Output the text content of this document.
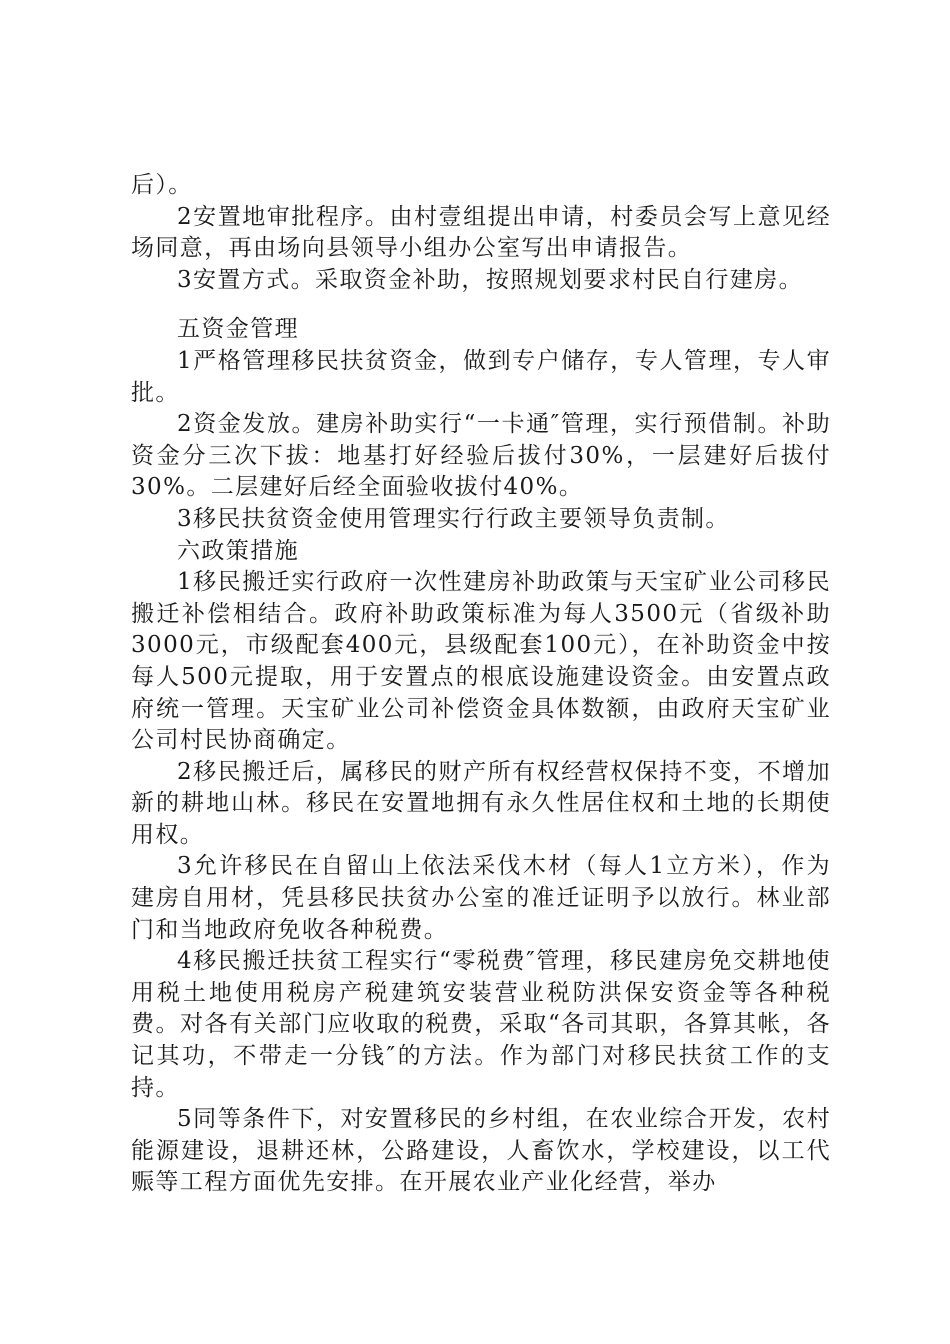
后）。

2安置地审批程序。由村壹组提出申请，村委员会写上意见经场同意，再由场向县领导小组办公室写出申请报告。

3安置方式。采取资金补助，按照规划要求村民自行建房。

五资金管理

1严格管理移民扶贫资金，做到专户储存，专人管理，专人审批。

2资金发放。建房补助实行“一卡通″管理，实行预借制。补助资金分三次下拔：地基打好经验后拔付30%，一层建好后拔付30%。二层建好后经全面验收拔付40%。

3移民扶贫资金使用管理实行行政主要领导负责制。

六政策措施

1移民搬迁实行政府一次性建房补助政策与天宝矿业公司移民搬迁补偿相结合。政府补助政策标准为每人3500元（省级补助3000元，市级配套400元，县级配套100元），在补助资金中按每人500元提取，用于安置点的根底设施建设资金。由安置点政府统一管理。天宝矿业公司补偿资金具体数额，由政府天宝矿业公司村民协商确定。

2移民搬迁后，属移民的财产所有权经营权保持不变，不增加新的耕地山林。移民在安置地拥有永久性居住权和土地的长期使用权。

3允许移民在自留山上依法采伐木材（每人1立方米），作为建房自用材，凭县移民扶贫办公室的准迁证明予以放行。林业部门和当地政府免收各种税费。

4移民搬迁扶贫工程实行“零税费″管理，移民建房免交耕地使用税土地使用税房产税建筑安装营业税防洪保安资金等各种税费。对各有关部门应收取的税费，采取“各司其职，各算其帐，各记其功，不带走一分钱″的方法。作为部门对移民扶贫工作的支持。

5同等条件下，对安置移民的乡村组，在农业综合开发，农村能源建设，退耕还林，公路建设，人畜饮水，学校建设，以工代赈等工程方面优先安排。在开展农业产业化经营，举办
